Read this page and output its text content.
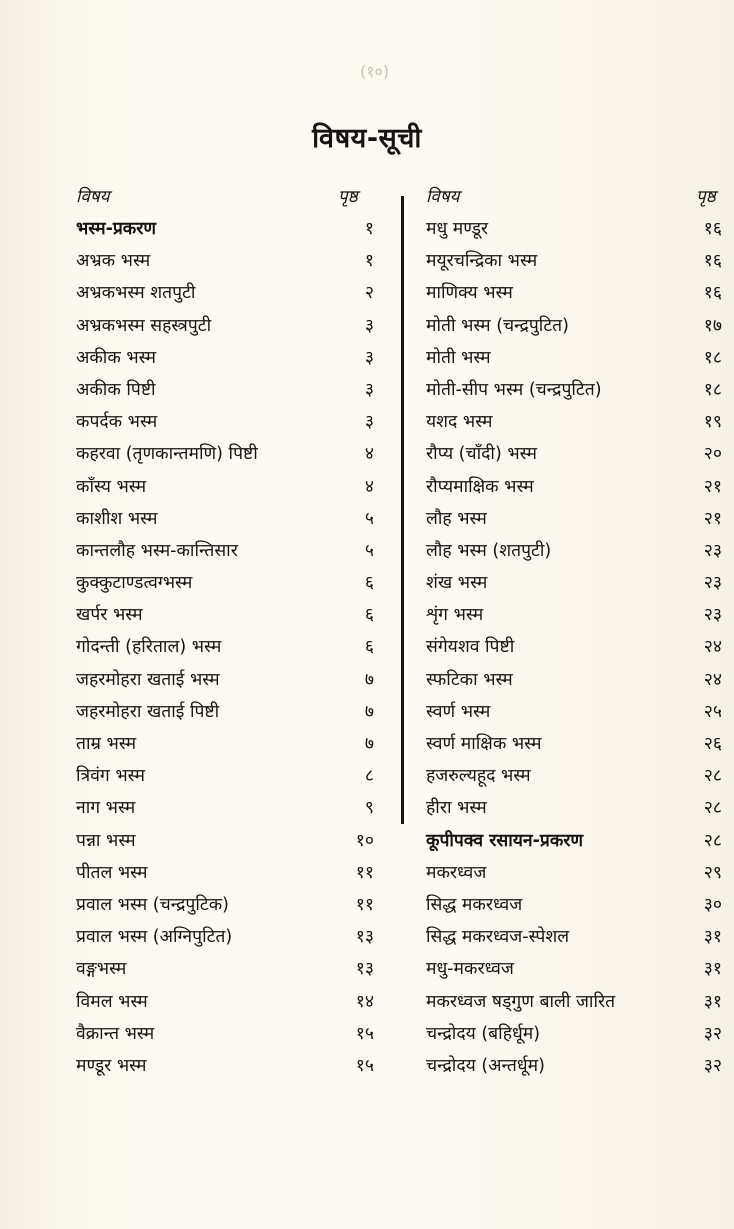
(१०)
विषय-सूची
विषय	पृष्ठ
भस्म-प्रकरण	१
अभ्रक भस्म	१
अभ्रकभस्म शतपुटी	२
अभ्रकभस्म सहस्त्रपुटी	३
अकीक भस्म	३
अकीक पिष्टी	३
कपर्दक भस्म	३
कहरवा (तृणकान्तमणि) पिष्टी	४
काँस्य भस्म	४
काशीश भस्म	५
कान्तलौह भस्म-कान्तिसार	५
कुक्कुटाण्डत्वग्भस्म	६
खर्पर भस्म	६
गोदन्ती (हरिताल) भस्म	६
जहरमोहरा खताई भस्म	७
जहरमोहरा खताई पिष्टी	७
ताम्र भस्म	७
त्रिवंग भस्म	८
नाग भस्म	९
पन्ना भस्म	१०
पीतल भस्म	११
प्रवाल भस्म (चन्द्रपुटिक)	११
प्रवाल भस्म (अग्निपुटित)	१३
वङ्गभस्म	१३
विमल भस्म	१४
वैक्रान्त भस्म	१५
मण्डूर भस्म	१५
विषय	पृष्ठ
मधु मण्डूर	१६
मयूरचन्द्रिका भस्म	१६
माणिक्य भस्म	१६
मोती भस्म (चन्द्रपुटित)	१७
मोती भस्म	१८
मोती-सीप भस्म (चन्द्रपुटित)	१८
यशद भस्म	१९
रौप्य (चाँदी) भस्म	२०
रौप्यमाक्षिक भस्म	२१
लौह भस्म	२१
लौह भस्म (शतपुटी)	२३
शंख भस्म	२३
शृंग भस्म	२३
संगेयशव पिष्टी	२४
स्फटिका भस्म	२४
स्वर्ण भस्म	२५
स्वर्ण माक्षिक भस्म	२६
हजरुल्यहूद भस्म	२८
हीरा भस्म	२८
कूपीपक्व रसायन-प्रकरण	२८
मकरध्वज	२९
सिद्ध मकरध्वज	३०
सिद्ध मकरध्वज-स्पेशल	३१
मधु-मकरध्वज	३१
मकरध्वज षड्गुण बाली जारित	३१
चन्द्रोदय (बहिर्धूम)	३२
चन्द्रोदय (अन्तर्धूम)	३२
